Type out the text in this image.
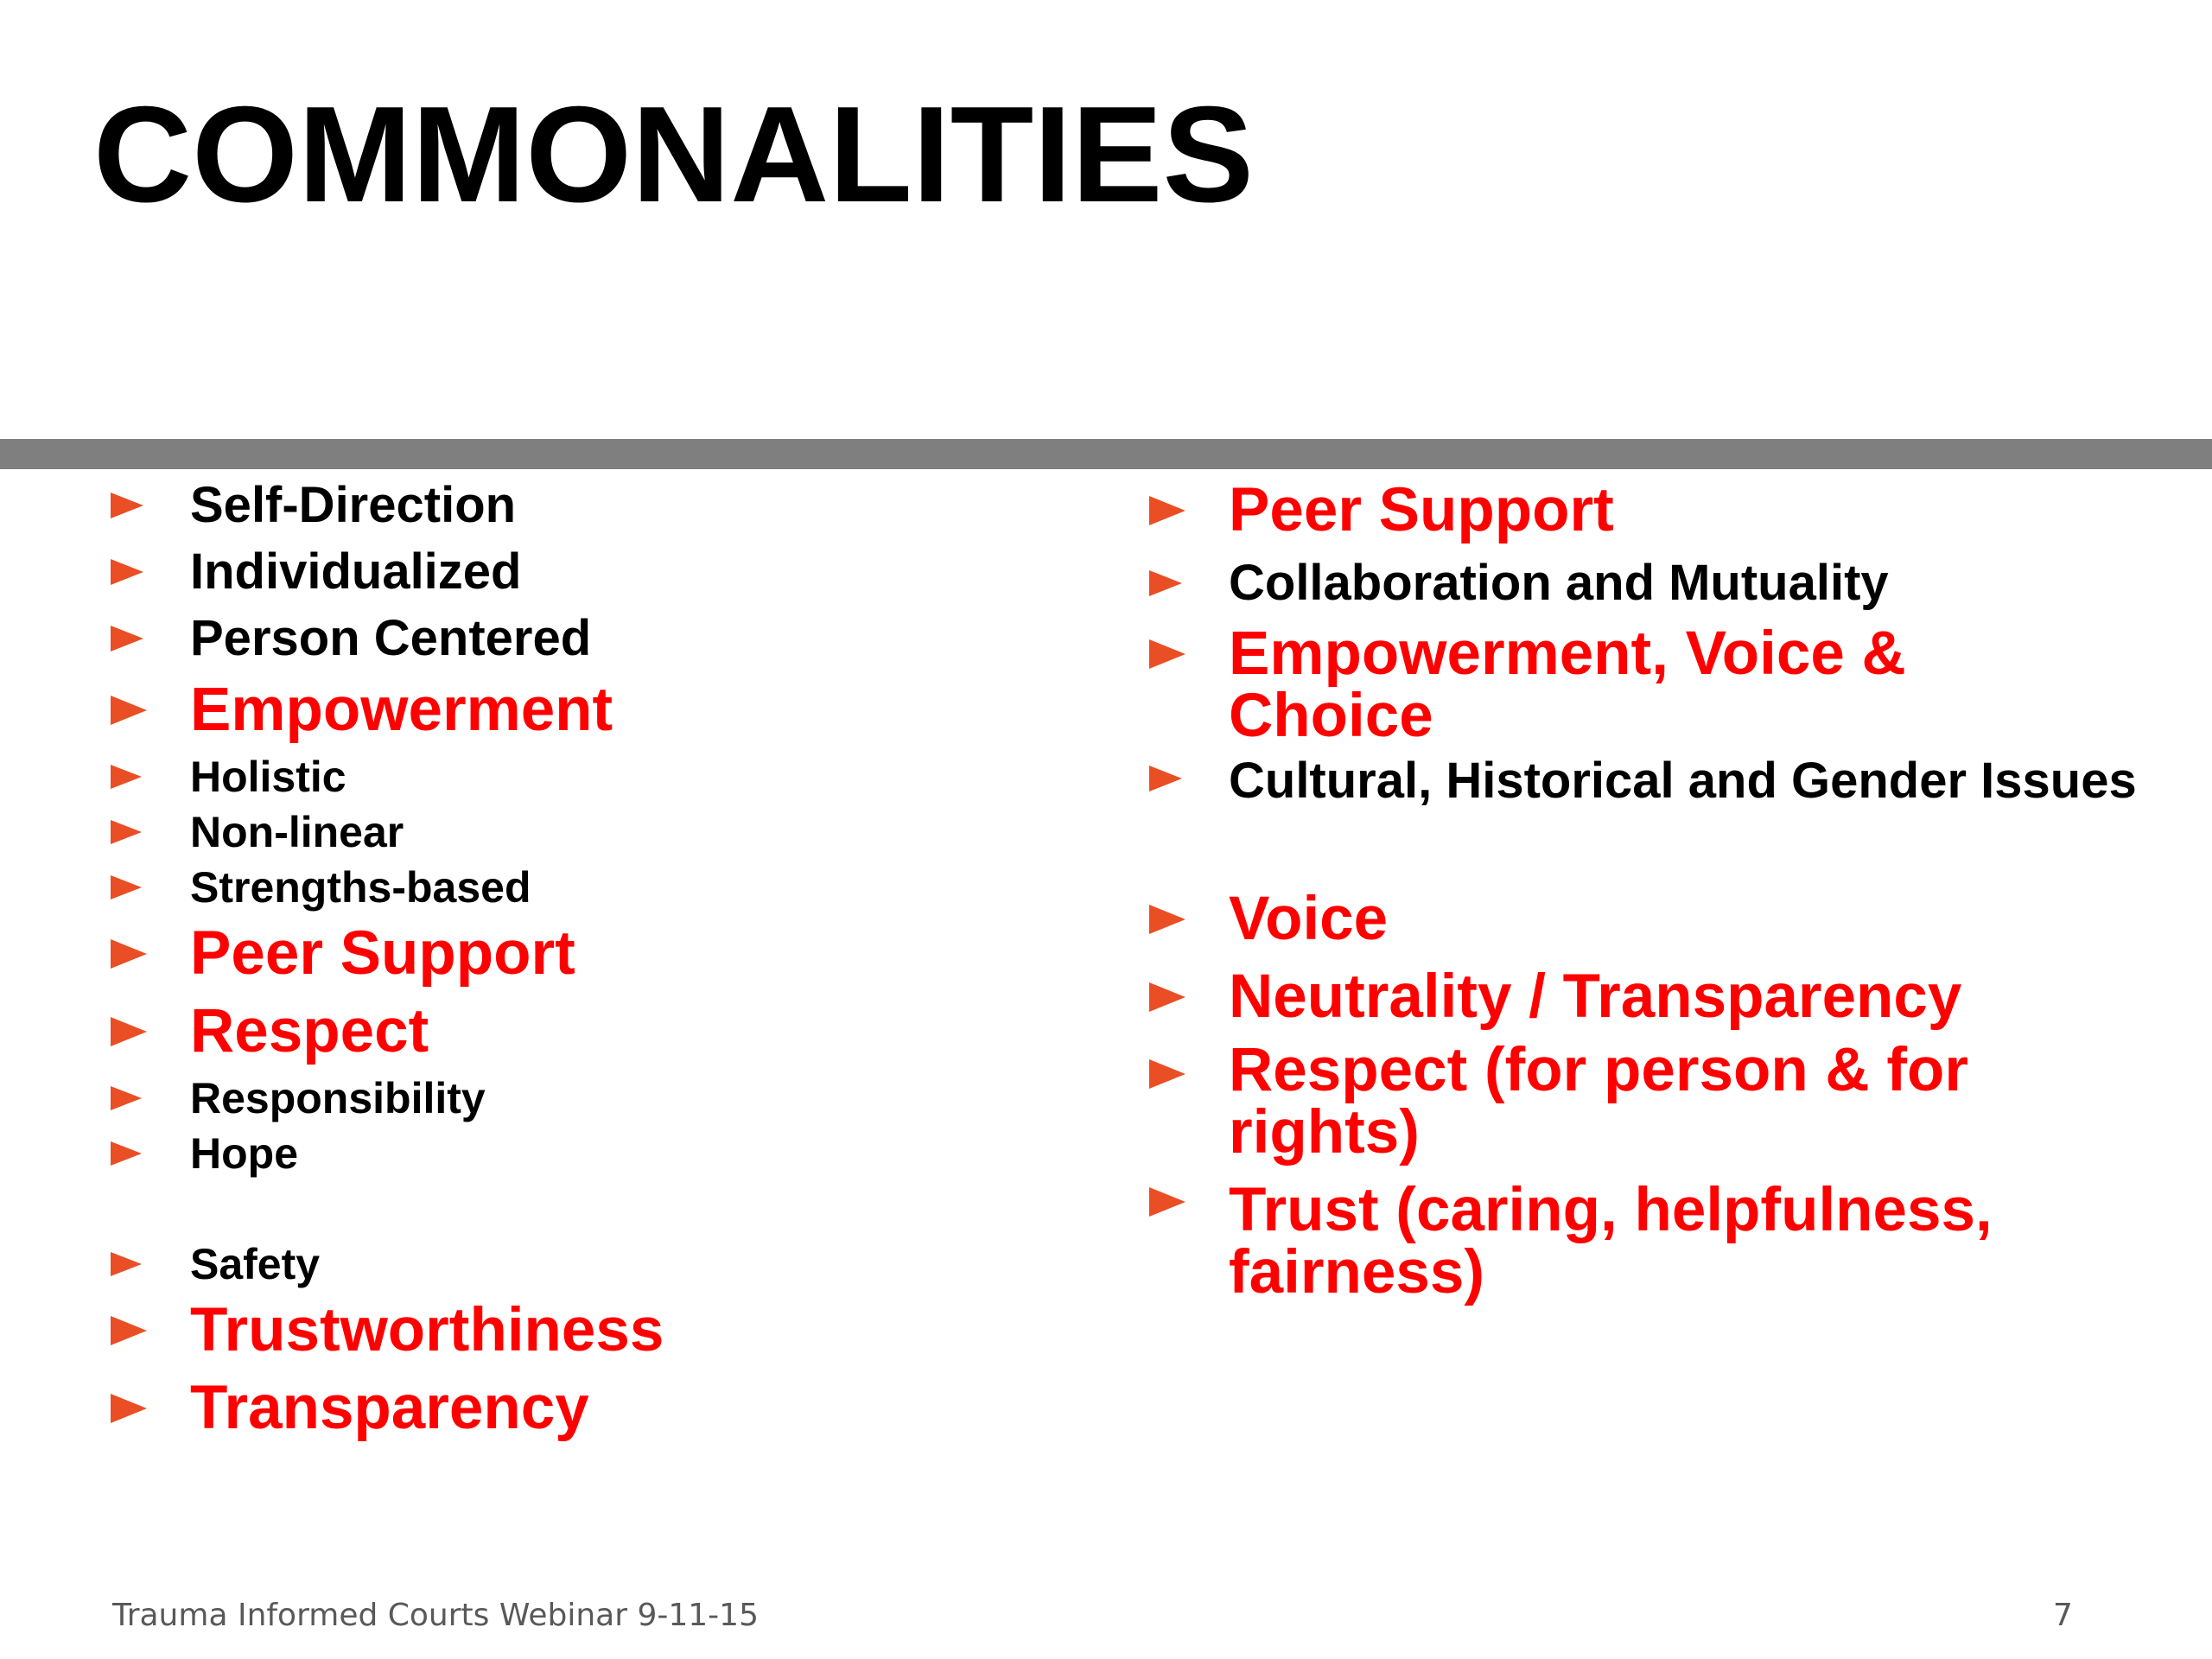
COMMONALITIES
Self-Direction
Individualized
Person Centered
Empowerment
Holistic
Non-linear
Strengths-based
Peer Support
Respect
Responsibility
Hope
Safety
Trustworthiness
Transparency
Peer Support
Collaboration and Mutuality
Empowerment, Voice & Choice
Cultural, Historical and Gender Issues
Voice
Neutrality / Transparency
Respect (for person & for rights)
Trust (caring, helpfulness, fairness)
Trauma Informed Courts Webinar 9-11-15	7
